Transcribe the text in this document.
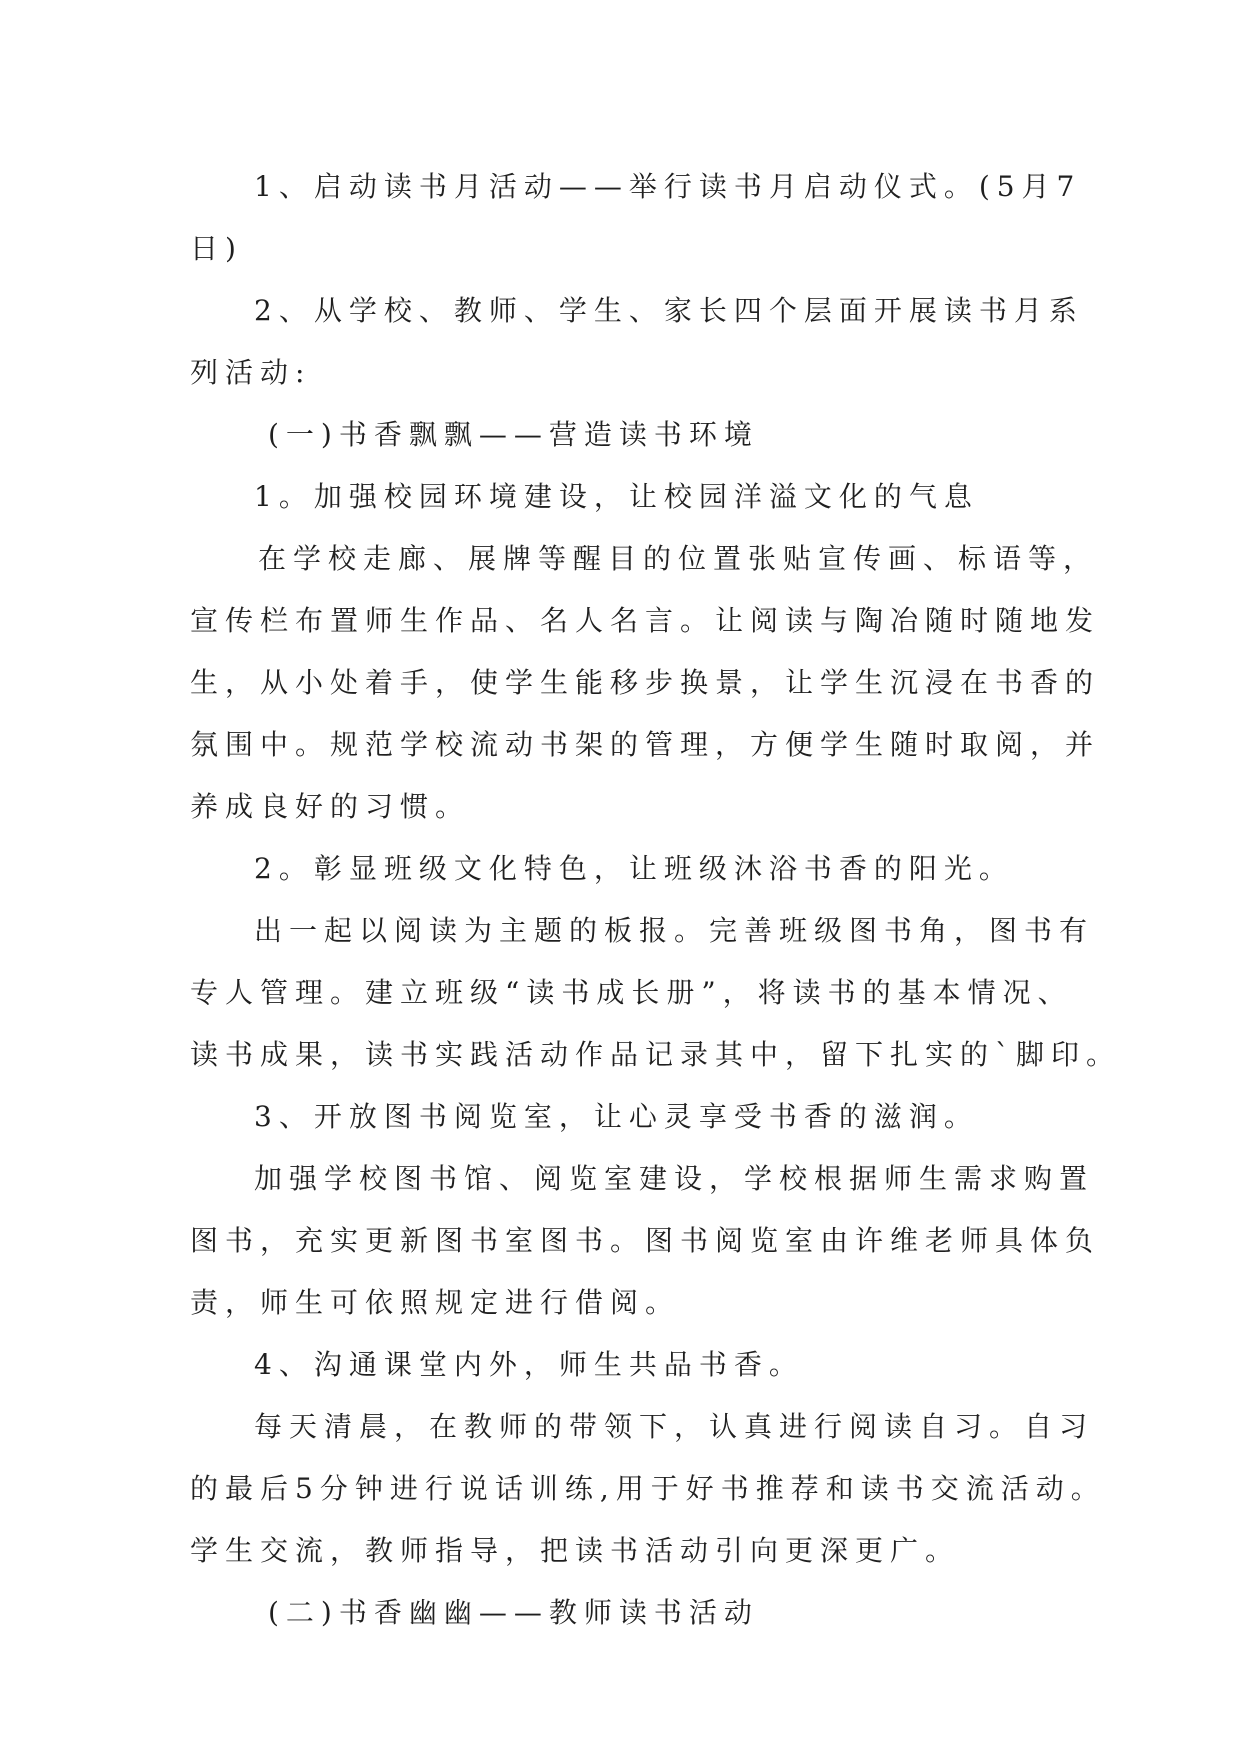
1、启动读书月活动——举行读书月启动仪式。(5月7
日)
2、从学校、教师、学生、家长四个层面开展读书月系
列活动:
(一)书香飘飘——营造读书环境
1。加强校园环境建设，让校园洋溢文化的气息
在学校走廊、展牌等醒目的位置张贴宣传画、标语等，
宣传栏布置师生作品、名人名言。让阅读与陶冶随时随地发
生，从小处着手，使学生能移步换景，让学生沉浸在书香的
氛围中。规范学校流动书架的管理，方便学生随时取阅，并
养成良好的习惯。
2。彰显班级文化特色，让班级沐浴书香的阳光。
出一起以阅读为主题的板报。完善班级图书角，图书有
专人管理。建立班级“读书成长册”，将读书的基本情况、
读书成果，读书实践活动作品记录其中，留下扎实的`脚印。
3、开放图书阅览室，让心灵享受书香的滋润。
加强学校图书馆、阅览室建设，学校根据师生需求购置
图书，充实更新图书室图书。图书阅览室由许维老师具体负
责，师生可依照规定进行借阅。
4、沟通课堂内外，师生共品书香。
每天清晨，在教师的带领下，认真进行阅读自习。自习
的最后5分钟进行说话训练,用于好书推荐和读书交流活动。
学生交流，教师指导，把读书活动引向更深更广。
(二)书香幽幽——教师读书活动
